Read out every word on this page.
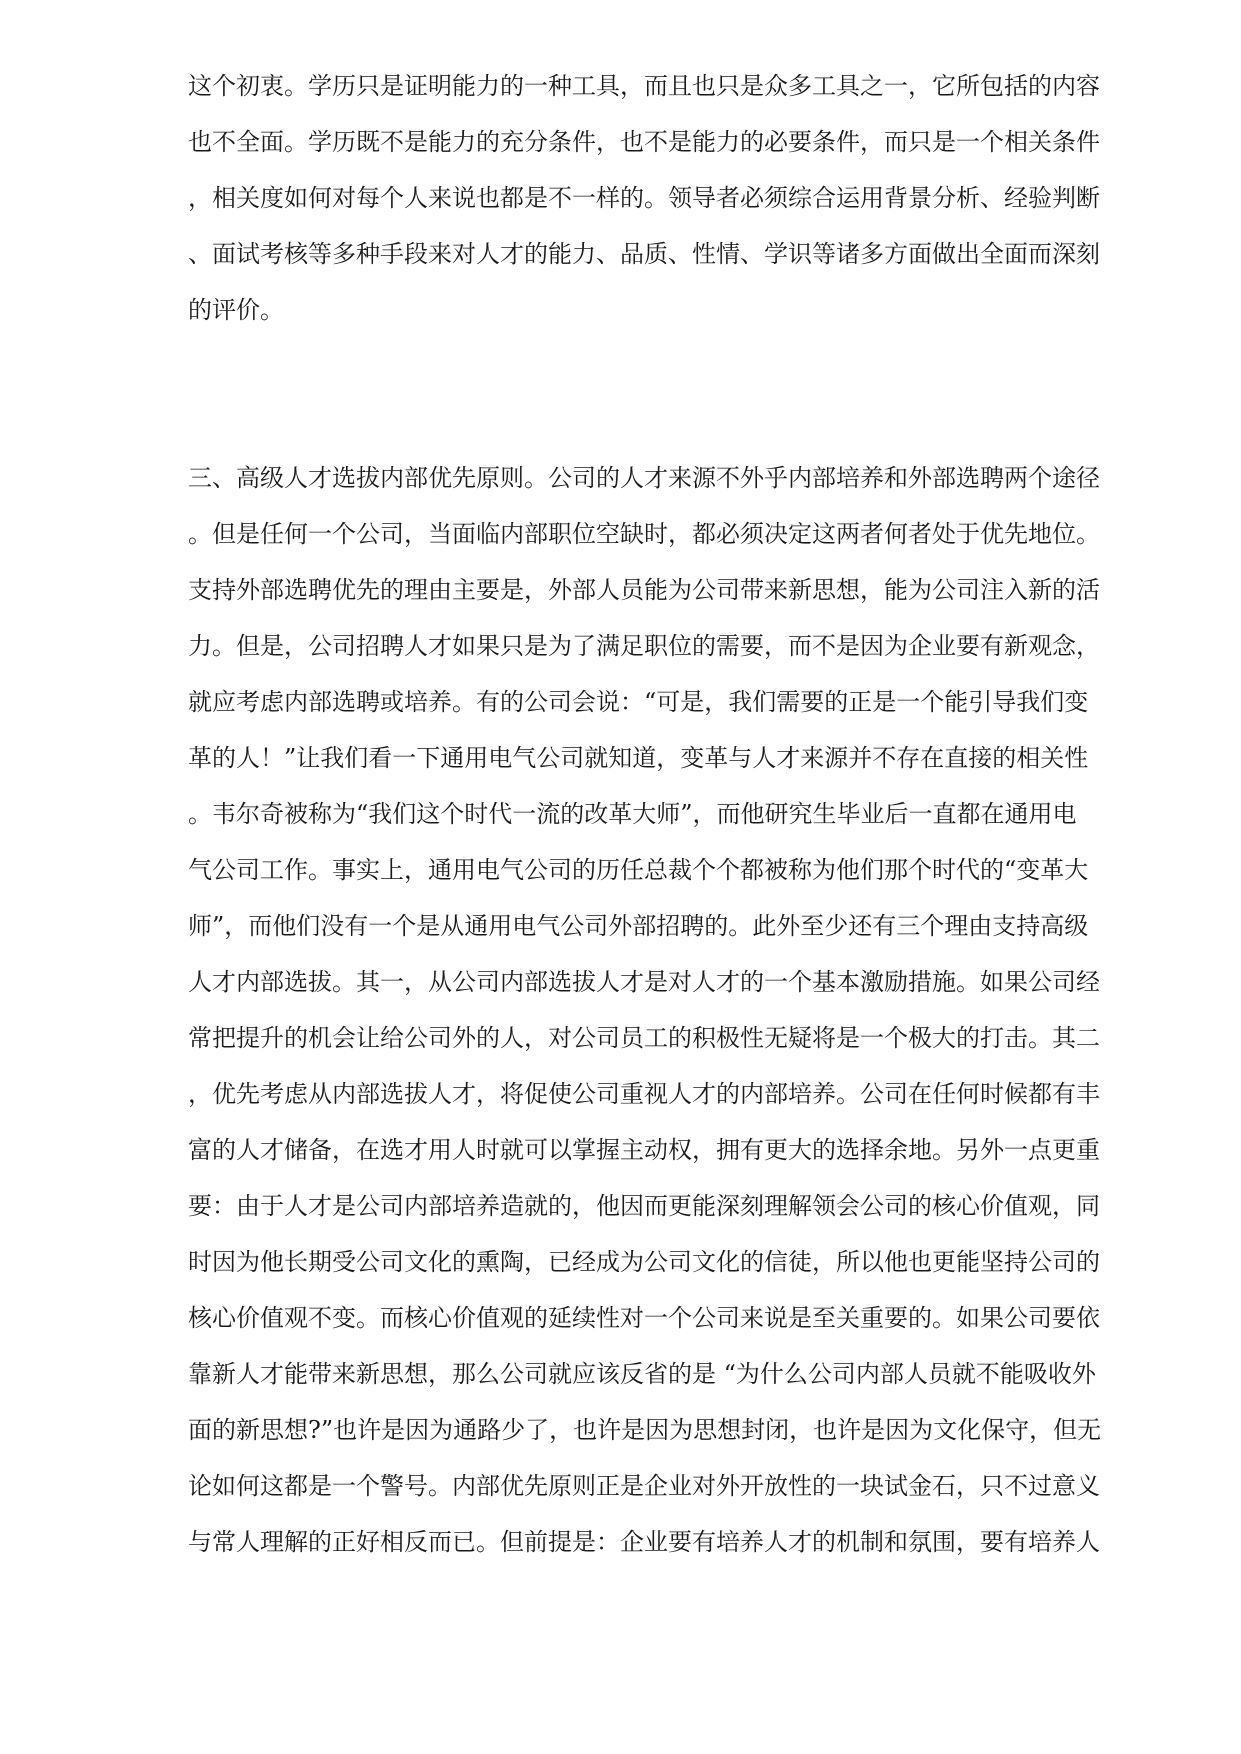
这个初衷。学历只是证明能力的一种工具，而且也只是众多工具之一，它所包括的内容
也不全面。学历既不是能力的充分条件，也不是能力的必要条件，而只是一个相关条件
，相关度如何对每个人来说也都是不一样的。领导者必须综合运用背景分析、经验判断
、面试考核等多种手段来对人才的能力、品质、性情、学识等诸多方面做出全面而深刻
的评价。
三、高级人才选拔内部优先原则。公司的人才来源不外乎内部培养和外部选聘两个途径
。但是任何一个公司，当面临内部职位空缺时，都必须决定这两者何者处于优先地位。
支持外部选聘优先的理由主要是，外部人员能为公司带来新思想，能为公司注入新的活
力。但是，公司招聘人才如果只是为了满足职位的需要，而不是因为企业要有新观念，
就应考虑内部选聘或培养。有的公司会说：“可是，我们需要的正是一个能引导我们变
革的人！”让我们看一下通用电气公司就知道，变革与人才来源并不存在直接的相关性
。韦尔奇被称为“我们这个时代一流的改革大师”，而他研究生毕业后一直都在通用电
气公司工作。事实上，通用电气公司的历任总裁个个都被称为他们那个时代的“变革大
师”，而他们没有一个是从通用电气公司外部招聘的。此外至少还有三个理由支持高级
人才内部选拔。其一，从公司内部选拔人才是对人才的一个基本激励措施。如果公司经
常把提升的机会让给公司外的人，对公司员工的积极性无疑将是一个极大的打击。其二
，优先考虑从内部选拔人才，将促使公司重视人才的内部培养。公司在任何时候都有丰
富的人才储备，在选才用人时就可以掌握主动权，拥有更大的选择余地。另外一点更重
要：由于人才是公司内部培养造就的，他因而更能深刻理解领会公司的核心价值观，同
时因为他长期受公司文化的熏陶，已经成为公司文化的信徒，所以他也更能坚持公司的
核心价值观不变。而核心价值观的延续性对一个公司来说是至关重要的。如果公司要依
靠新人才能带来新思想，那么公司就应该反省的是 “为什么公司内部人员就不能吸收外
面的新思想?”也许是因为通路少了，也许是因为思想封闭，也许是因为文化保守，但无
论如何这都是一个警号。内部优先原则正是企业对外开放性的一块试金石，只不过意义
与常人理解的正好相反而已。但前提是：企业要有培养人才的机制和氛围，要有培养人
